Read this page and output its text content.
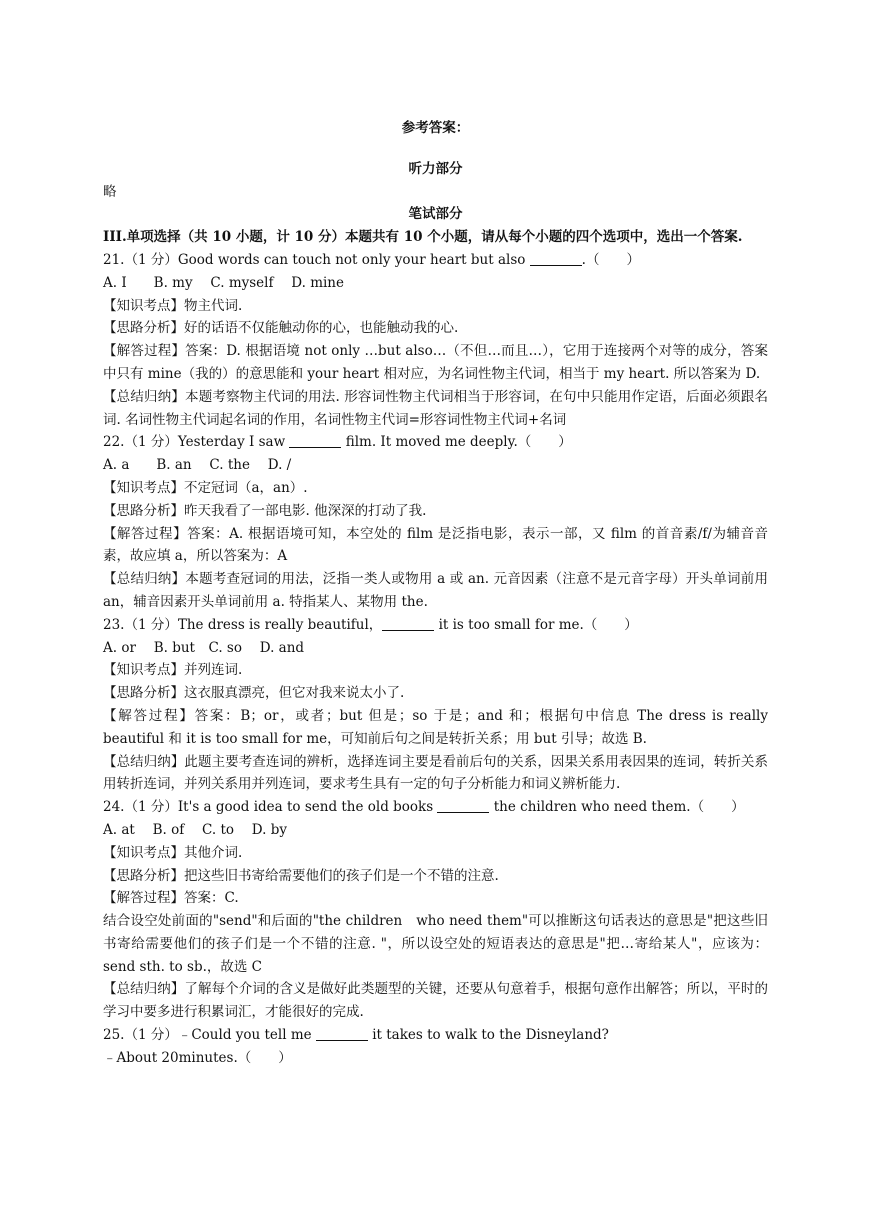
参考答案：
听力部分
略
笔试部分
III.单项选择（共 10 小题，计 10 分）本题共有 10 个小题，请从每个小题的四个选项中，选出一个答案.
21.（1 分）Good words can touch not only your heart but also	.（　　）
A. I　　B. my　 C. myself　 D. mine
【知识考点】物主代词.
【思路分析】好的话语不仅能触动你的心，也能触动我的心.
【解答过程】答案：D. 根据语境 not only …but also…（不但…而且…），它用于连接两个对等的成分，答案中只有 mine（我的）的意思能和 your heart 相对应，为名词性物主代词，相当于 my heart. 所以答案为 D.
【总结归纳】本题考察物主代词的用法. 形容词性物主代词相当于形容词，在句中只能用作定语，后面必须跟名词. 名词性物主代词起名词的作用，名词性物主代词=形容词性物主代词+名词
22.（1 分）Yesterday I saw	film. It moved me deeply.（　　）
A. a　　B. an　 C. the　 D. /
【知识考点】不定冠词（a，an）.
【思路分析】昨天我看了一部电影. 他深深的打动了我.
【解答过程】答案：A. 根据语境可知，本空处的 film 是泛指电影，表示一部，又 film 的首音素/f/为辅音音素，故应填 a，所以答案为：A
【总结归纳】本题考查冠词的用法，泛指一类人或物用 a 或 an. 元音因素（注意不是元音字母）开头单词前用 an，辅音因素开头单词前用 a. 特指某人、某物用 the.
23.（1 分）The dress is really beautiful，	it is too small for me.（　　）
A. or　 B. but　C. so　 D. and
【知识考点】并列连词.
【思路分析】这衣服真漂亮，但它对我来说太小了.
【解答过程】答案：B；or，或者；but 但是；so 于是；and 和；根据句中信息 The dress is really beautiful 和 it is too small for me，可知前后句之间是转折关系；用 but 引导；故选 B.
【总结归纳】此题主要考查连词的辨析，选择连词主要是看前后句的关系，因果关系用表因果的连词，转折关系用转折连词，并列关系用并列连词，要求考生具有一定的句子分析能力和词义辨析能力.
24.（1 分）It's a good idea to send the old books	the children who need them.（　　）
A. at　 B. of　 C. to　 D. by
【知识考点】其他介词.
【思路分析】把这些旧书寄给需要他们的孩子们是一个不错的注意.
【解答过程】答案：C.
结合设空处前面的"send"和后面的"the children　who need them"可以推断这句话表达的意思是"把这些旧书寄给需要他们的孩子们是一个不错的注意. "，所以设空处的短语表达的意思是"把…寄给某人"，应该为：send sth. to sb.，故选 C
【总结归纳】了解每个介词的含义是做好此类题型的关键，还要从句意着手，根据句意作出解答；所以，平时的学习中要多进行积累词汇，才能很好的完成.
25.（1 分）﹣Could you tell me	it takes to walk to the Disneyland?
﹣About 20minutes.（　　）
